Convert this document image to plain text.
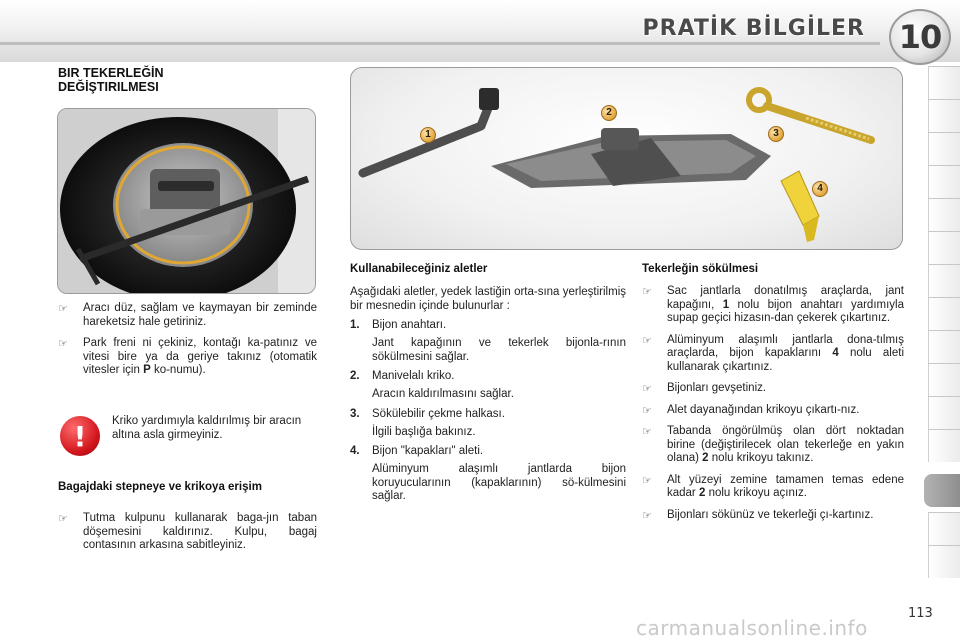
PRATİK BİLGİLER 10
BIR TEKERLEĞİN
DEĞİŞTIRILMESI
☞	Aracı düz, sağlam ve kaymayan bir zeminde hareketsiz hale getiriniz.
☞	Park freni ni çekiniz, kontağı ka-patınız ve vitesi bire ya da geriye takınız (otomatik vitesler için P ko-numu).
!	Kriko yardımıyla kaldırılmış bir aracın altına asla girmeyiniz.
Bagajdaki stepneye ve krikoya erişim
☞	Tutma kulpunu kullanarak baga-jın taban döşemesini kaldırınız. Kulpu, bagaj contasının arkasına sabitleyiniz.
1
2
3
4
Kullanabileceğiniz aletler
Aşağıdaki aletler, yedek lastiğin orta-sına yerleştirilmiş bir mesnedin içinde bulunurlar :
1. Bijon anahtarı.
Jant kapağının ve tekerlek bijonla-rının sökülmesini sağlar.
2. Manivelalı kriko.
Aracın kaldırılmasını sağlar.
3. Sökülebilir çekme halkası.
İlgili başlığa bakınız.
4. Bijon "kapakları" aleti.
Alüminyum alaşımlı jantlarda bijon koruyucularının (kapaklarının) sö-külmesini sağlar.
Tekerleğin sökülmesi
☞	Sac jantlarla donatılmış araçlarda, jant kapağını, 1 nolu bijon anahtarı yardımıyla supap geçici hizasın-dan çekerek çıkartınız.
☞	Alüminyum alaşımlı jantlarla dona-tılmış araçlarda, bijon kapaklarını 4 nolu aleti kullanarak çıkartınız.
☞	Bijonları gevşetiniz.
☞	Alet dayanağından krikoyu çıkartı-nız.
☞	Tabanda öngörülmüş olan dört noktadan birine (değiştirilecek olan tekerleğe en yakın olana) 2 nolu krikoyu takınız.
☞	Alt yüzeyi zemine tamamen temas edene kadar 2 nolu krikoyu açınız.
☞	Bijonları sökünüz ve tekerleği çı-kartınız.
carmanualsonline.info
113
